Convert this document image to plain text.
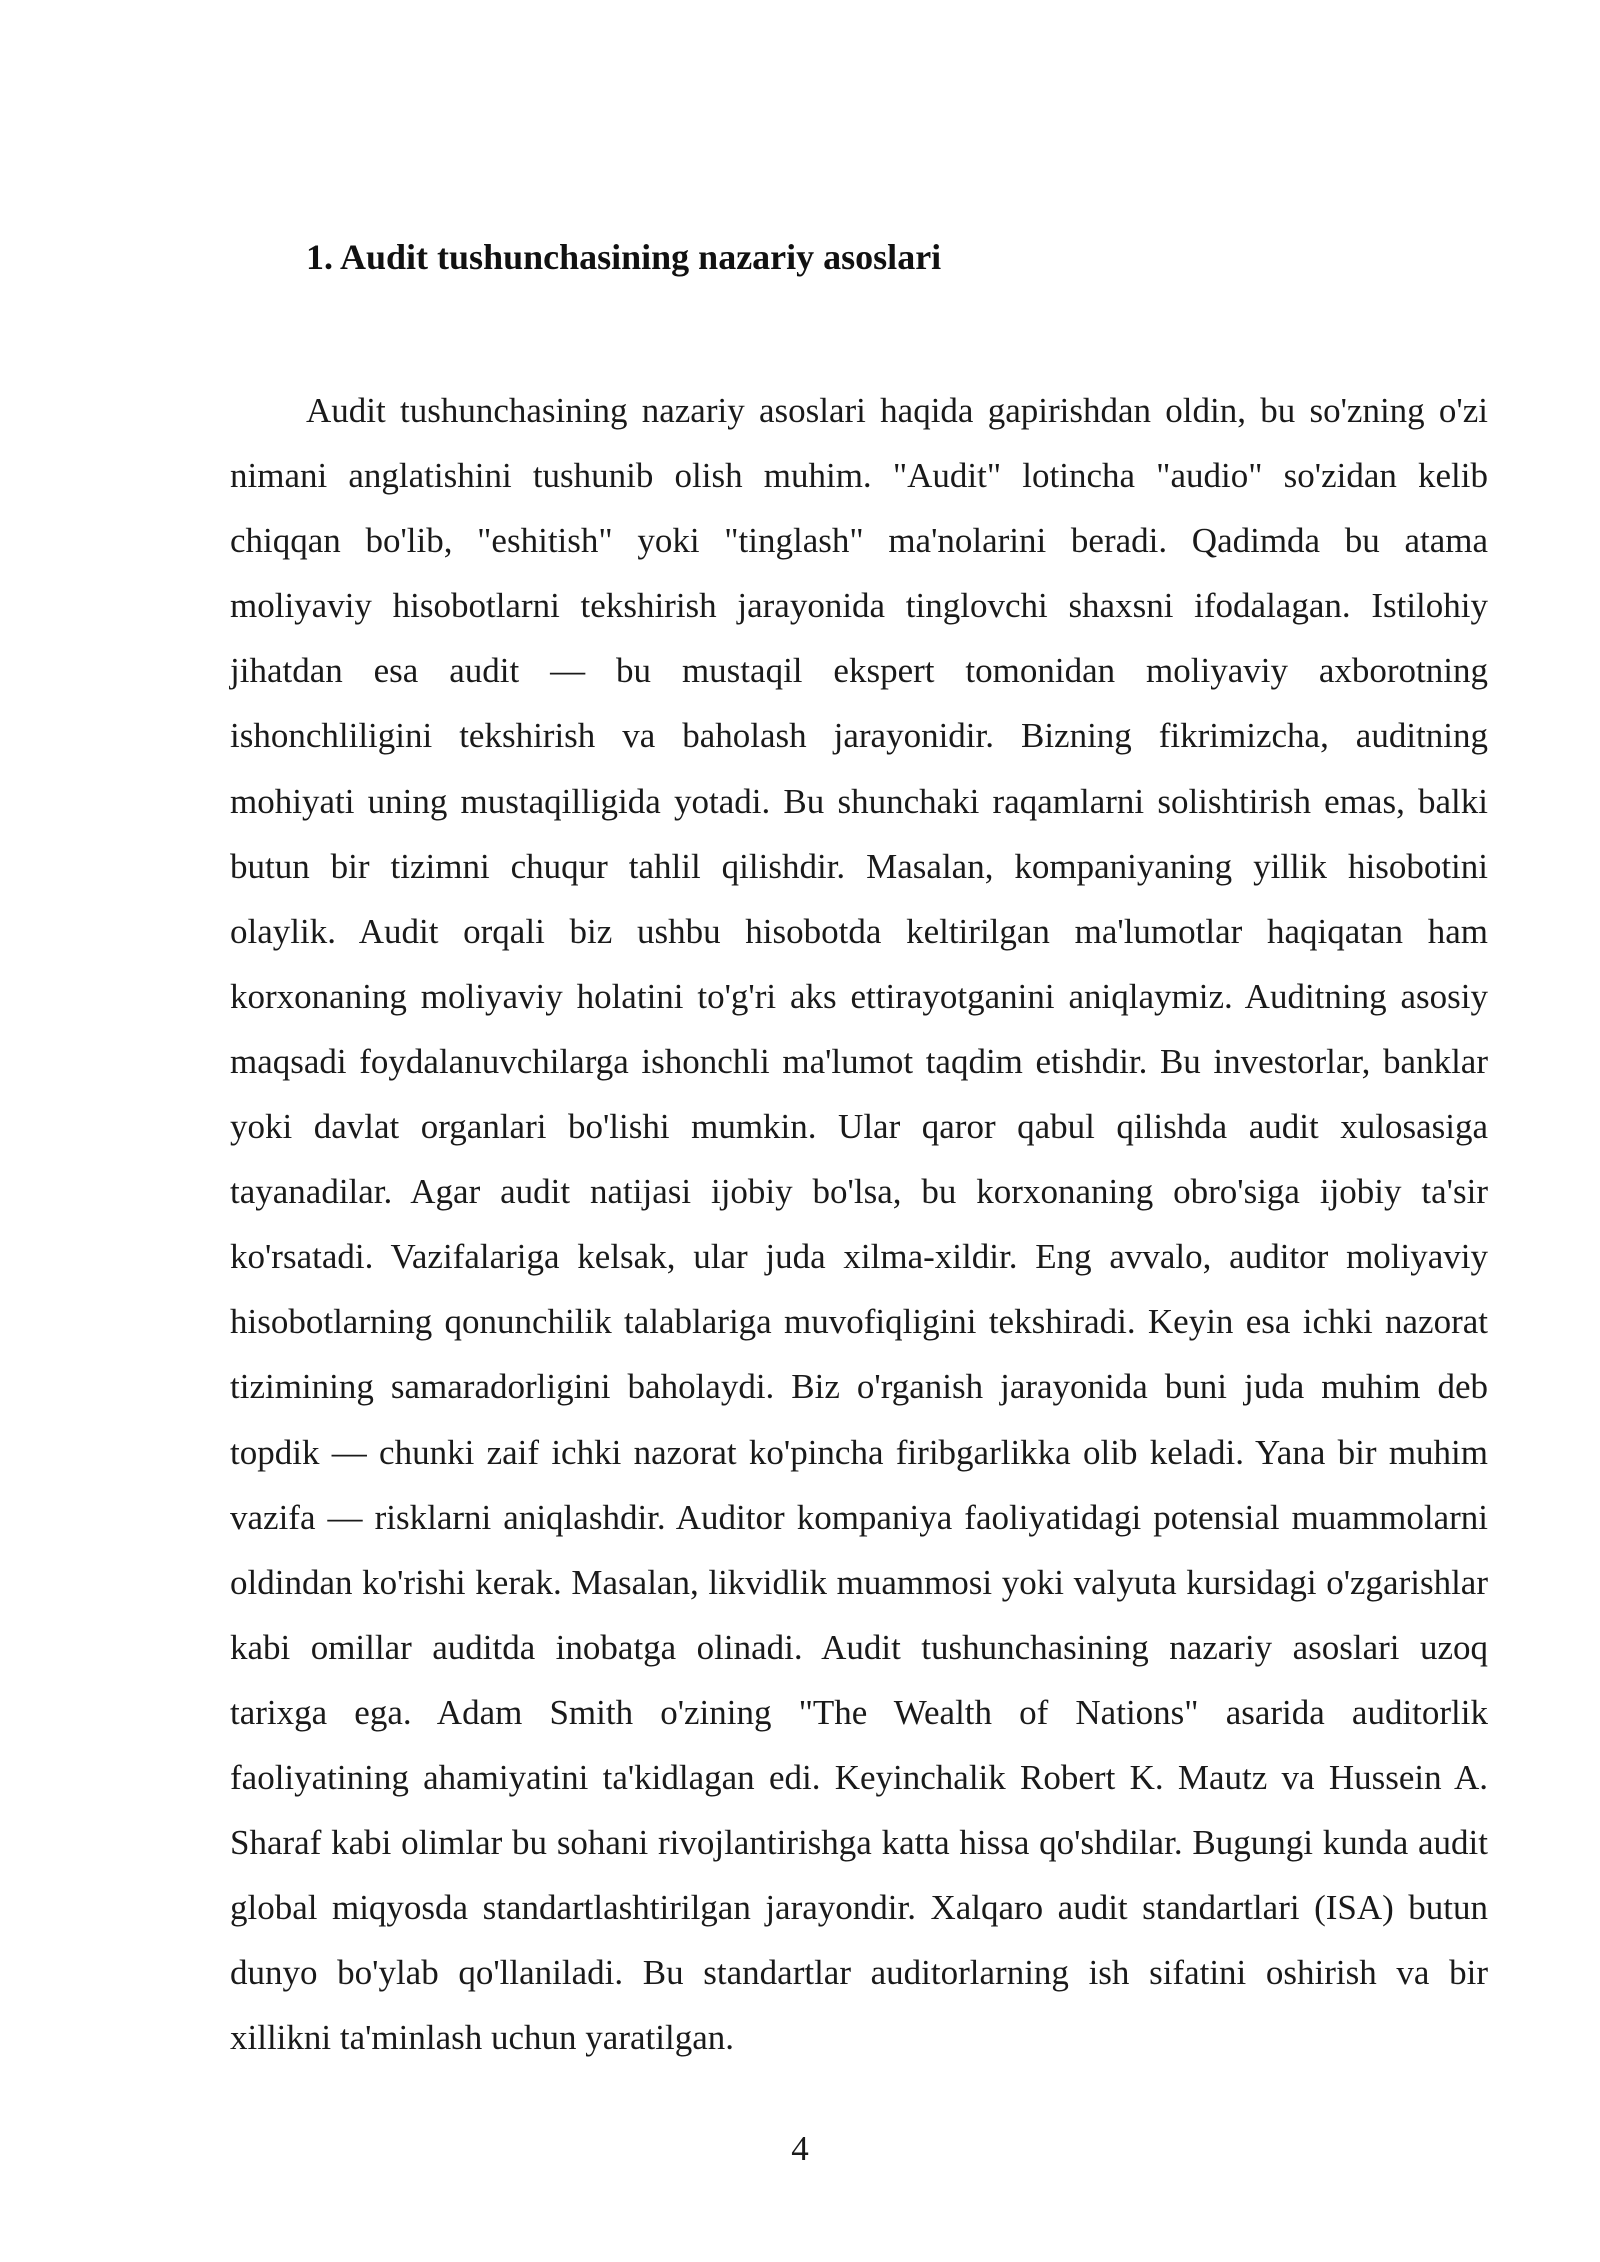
1. Audit tushunchasining nazariy asoslari

Audit tushunchasining nazariy asoslari haqida gapirishdan oldin, bu so'zning o'zi nimani anglatishini tushunib olish muhim. "Audit" lotincha "audio" so'zidan kelib chiqqan bo'lib, "eshitish" yoki "tinglash" ma'nolarini beradi. Qadimda bu atama moliyaviy hisobotlarni tekshirish jarayonida tinglovchi shaxsni ifodalagan. Istilohiy jihatdan esa audit — bu mustaqil ekspert tomonidan moliyaviy axborotning ishonchliligini tekshirish va baholash jarayonidir. Bizning fikrimizcha, auditning mohiyati uning mustaqilligida yotadi. Bu shunchaki raqamlarni solishtirish emas, balki butun bir tizimni chuqur tahlil qilishdir. Masalan, kompaniyaning yillik hisobotini olaylik. Audit orqali biz ushbu hisobotda keltirilgan ma'lumotlar haqiqatan ham korxonaning moliyaviy holatini to'g'ri aks ettirayotganini aniqlaymiz. Auditning asosiy maqsadi foydalanuvchilarga ishonchli ma'lumot taqdim etishdir. Bu investorlar, banklar yoki davlat organlari bo'lishi mumkin. Ular qaror qabul qilishda audit xulosasiga tayanadilar. Agar audit natijasi ijobiy bo'lsa, bu korxonaning obro'siga ijobiy ta'sir ko'rsatadi. Vazifalariga kelsak, ular juda xilma-xildir. Eng avvalo, auditor moliyaviy hisobotlarning qonunchilik talablariga muvofiqligini tekshiradi. Keyin esa ichki nazorat tizimining samaradorligini baholaydi. Biz o'rganish jarayonida buni juda muhim deb topdik — chunki zaif ichki nazorat ko'pincha firibgarlikka olib keladi. Yana bir muhim vazifa — risklarni aniqlashdir. Auditor kompaniya faoliyatidagi potensial muammolarni oldindan ko'rishi kerak. Masalan, likvidlik muammosi yoki valyuta kursidagi o'zgarishlar kabi omillar auditda inobatga olinadi. Audit tushunchasining nazariy asoslari uzoq tarixga ega. Adam Smith o'zining "The Wealth of Nations" asarida auditorlik faoliyatining ahamiyatini ta'kidlagan edi. Keyinchalik Robert K. Mautz va Hussein A. Sharaf kabi olimlar bu sohani rivojlantirishga katta hissa qo'shdilar. Bugungi kunda audit global miqyosda standartlashtirilgan jarayondir. Xalqaro audit standartlari (ISA) butun dunyo bo'ylab qo'llaniladi. Bu standartlar auditorlarning ish sifatini oshirish va bir xillikni ta'minlash uchun yaratilgan.

4
